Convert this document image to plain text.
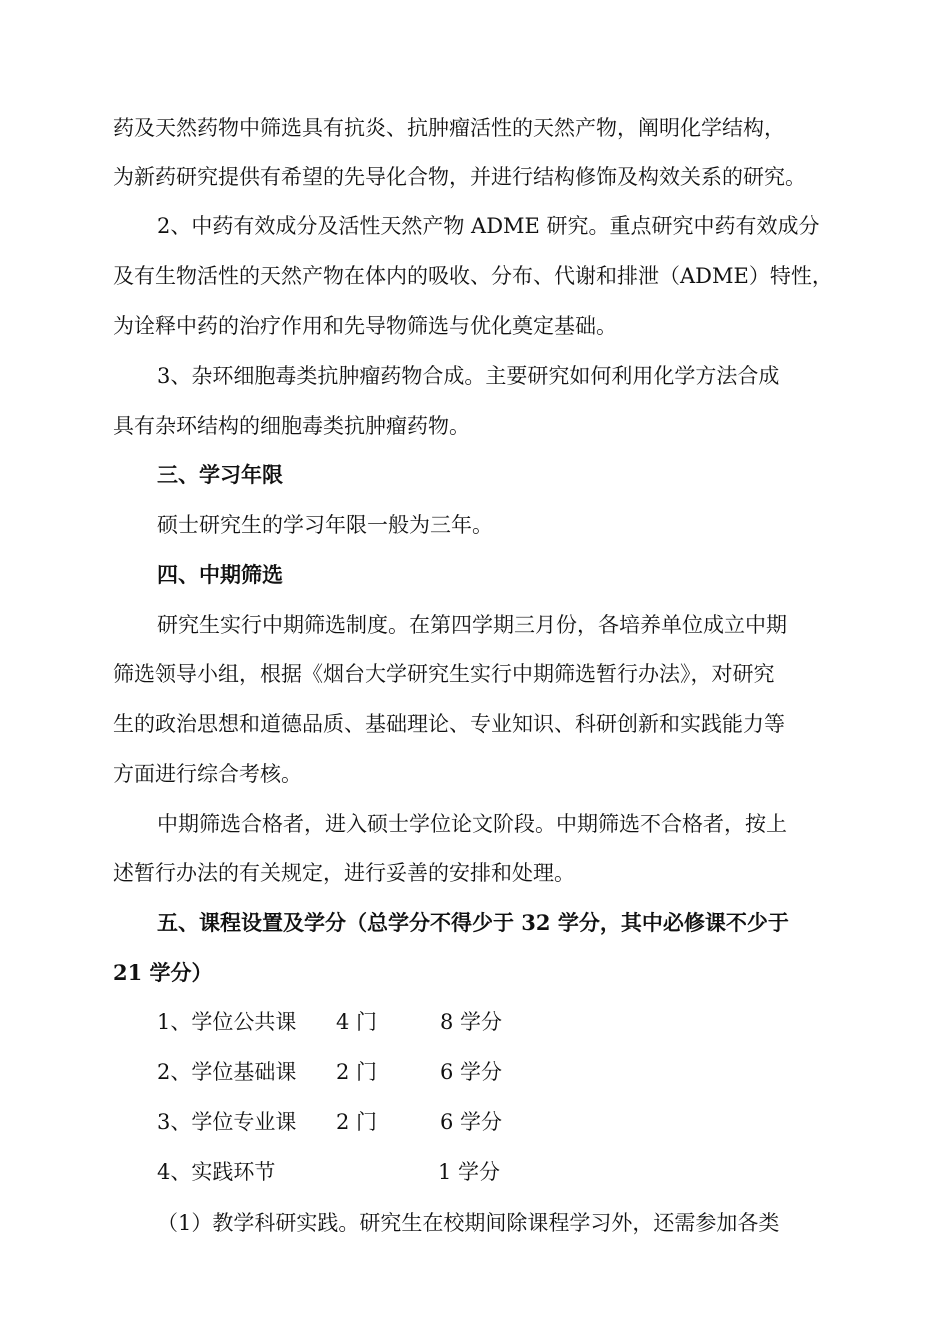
药及天然药物中筛选具有抗炎、抗肿瘤活性的天然产物，阐明化学结构，
为新药研究提供有希望的先导化合物，并进行结构修饰及构效关系的研究。
2、中药有效成分及活性天然产物 ADME 研究。重点研究中药有效成分
及有生物活性的天然产物在体内的吸收、分布、代谢和排泄（ADME）特性，
为诠释中药的治疗作用和先导物筛选与优化奠定基础。
3、杂环细胞毒类抗肿瘤药物合成。主要研究如何利用化学方法合成
具有杂环结构的细胞毒类抗肿瘤药物。
三、学习年限
硕士研究生的学习年限一般为三年。
四、中期筛选
研究生实行中期筛选制度。在第四学期三月份，各培养单位成立中期
筛选领导小组，根据《烟台大学研究生实行中期筛选暂行办法》，对研究
生的政治思想和道德品质、基础理论、专业知识、科研创新和实践能力等
方面进行综合考核。
中期筛选合格者，进入硕士学位论文阶段。中期筛选不合格者，按上
述暂行办法的有关规定，进行妥善的安排和处理。
五、课程设置及学分（总学分不得少于 32 学分，其中必修课不少于
21 学分）
1、学位公共课 4 门	8 学分
2、学位基础课 2 门	6 学分
3、学位专业课 2 门	6 学分
4、实践环节	1 学分
（1）教学科研实践。研究生在校期间除课程学习外，还需参加各类
